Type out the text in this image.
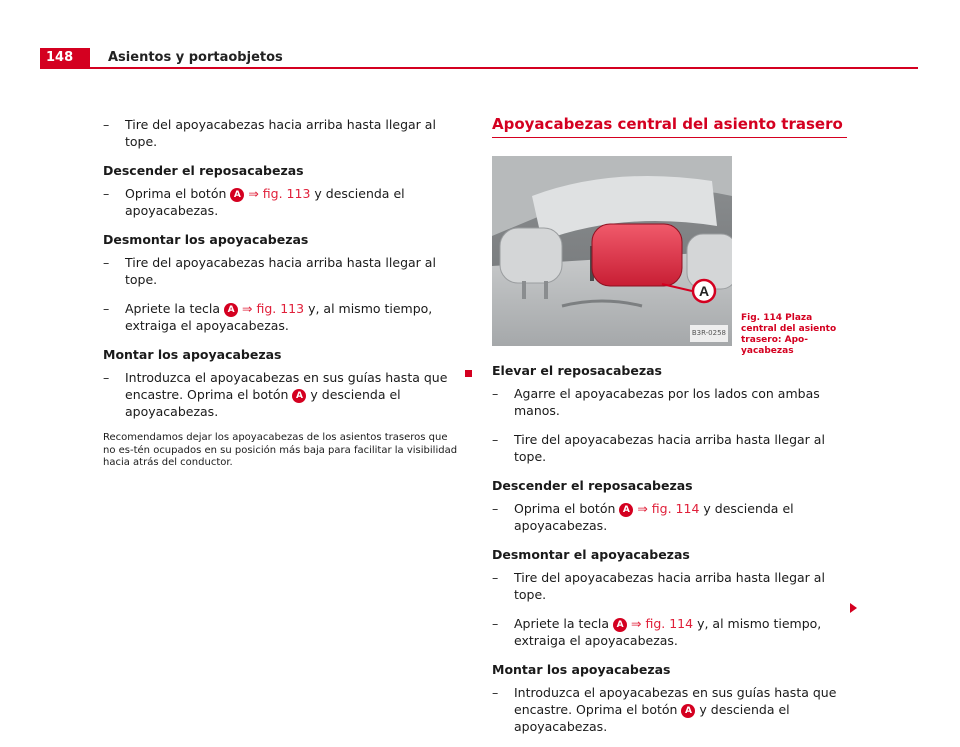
148	Asientos y portaobjetos
– Tire del apoyacabezas hacia arriba hasta llegar al tope.
Descender el reposacabezas
– Oprima el botón A ⇒ fig. 113 y descienda el apoyacabezas.
Desmontar los apoyacabezas
– Tire del apoyacabezas hacia arriba hasta llegar al tope.
– Apriete la tecla A ⇒ fig. 113 y, al mismo tiempo, extraiga el apoyacabezas.
Montar los apoyacabezas
– Introduzca el apoyacabezas en sus guías hasta que encastre. Oprima el botón A y descienda el apoyacabezas.
Recomendamos dejar los apoyacabezas de los asientos traseros que no es-tén ocupados en su posición más baja para facilitar la visibilidad hacia atrás del conductor.
Apoyacabezas central del asiento trasero
A
B3R-0258
Fig. 114 Plaza central del asiento trasero: Apo-yacabezas
Elevar el reposacabezas
– Agarre el apoyacabezas por los lados con ambas manos.
– Tire del apoyacabezas hacia arriba hasta llegar al tope.
Descender el reposacabezas
– Oprima el botón A ⇒ fig. 114 y descienda el apoyacabezas.
Desmontar el apoyacabezas
– Tire del apoyacabezas hacia arriba hasta llegar al tope.
– Apriete la tecla A ⇒ fig. 114 y, al mismo tiempo, extraiga el apoyacabezas.
Montar los apoyacabezas
– Introduzca el apoyacabezas en sus guías hasta que encastre. Oprima el botón A y descienda el apoyacabezas.
